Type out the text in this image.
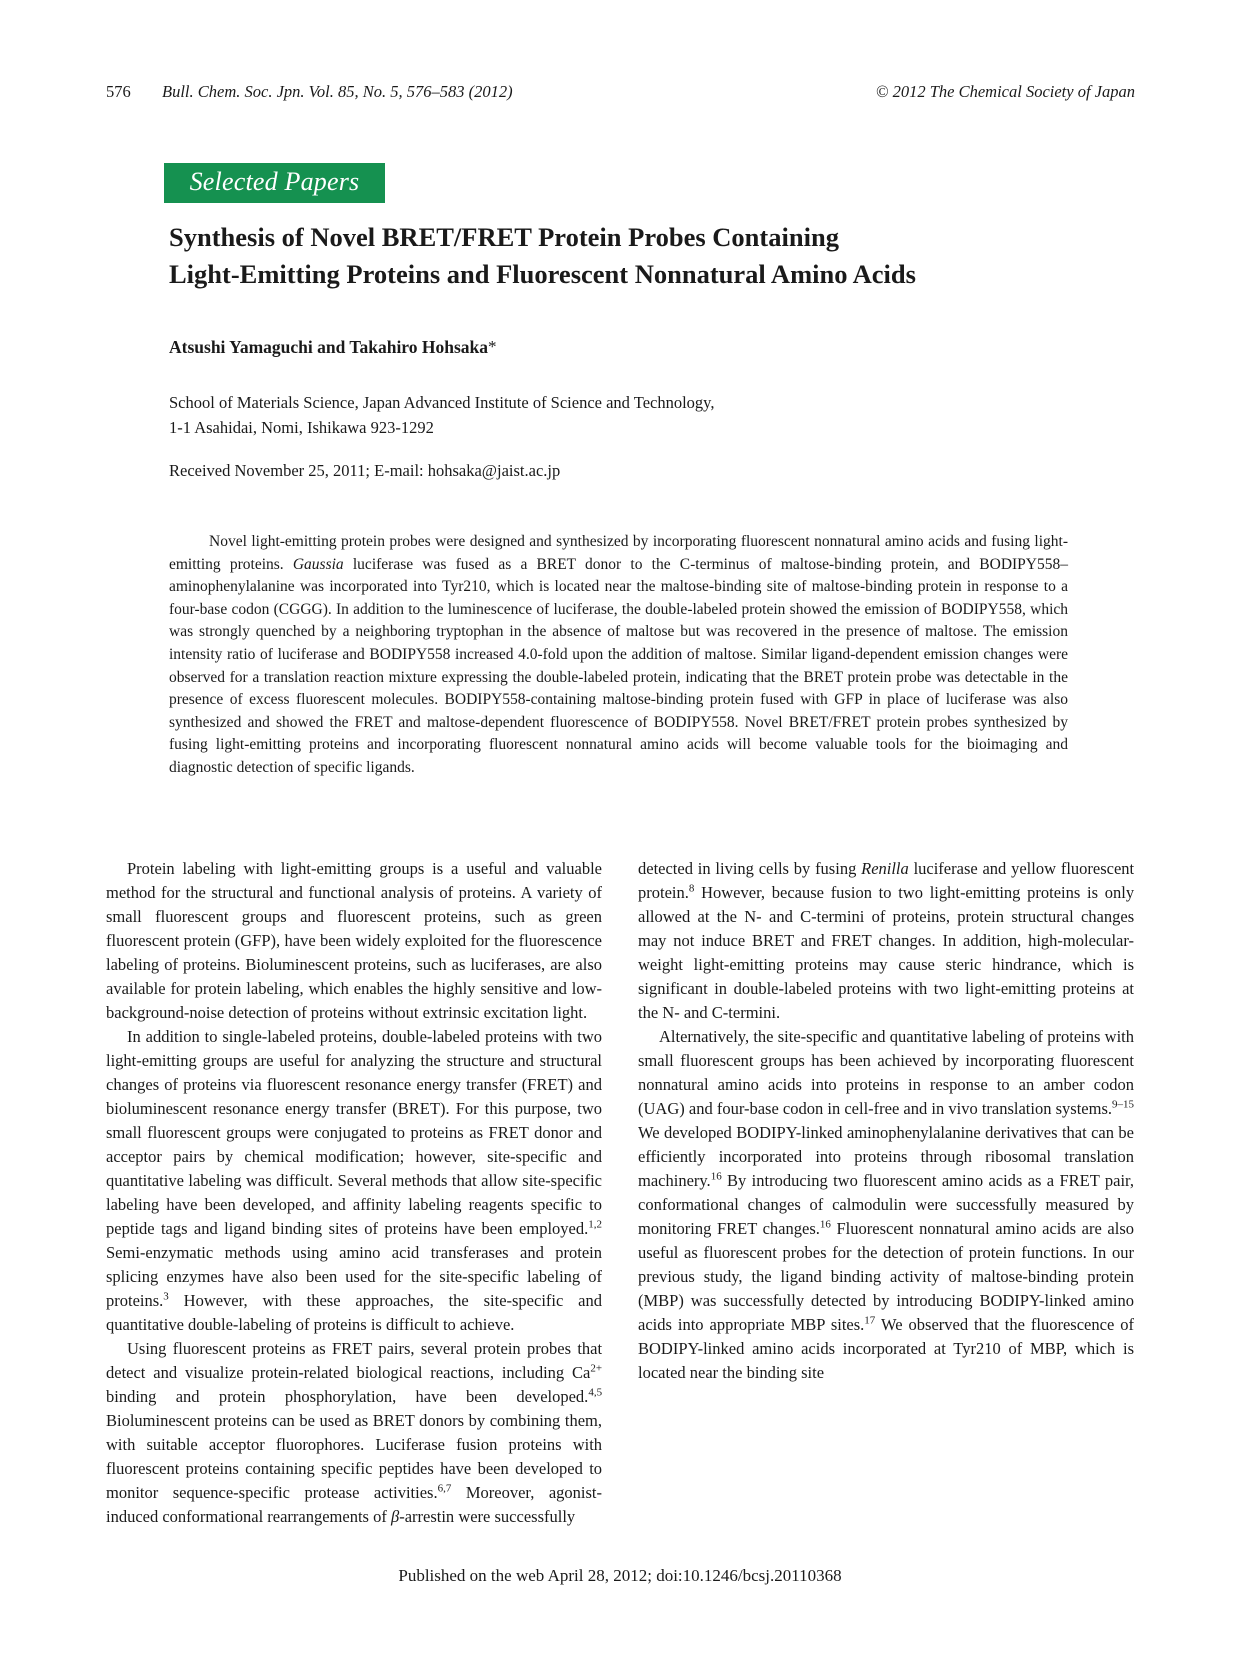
576 Bull. Chem. Soc. Jpn. Vol. 85, No. 5, 576–583 (2012)	© 2012 The Chemical Society of Japan
Selected Papers
Synthesis of Novel BRET/FRET Protein Probes Containing
Light-Emitting Proteins and Fluorescent Nonnatural Amino Acids

Atsushi Yamaguchi and Takahiro Hohsaka*

School of Materials Science, Japan Advanced Institute of Science and Technology,
1-1 Asahidai, Nomi, Ishikawa 923-1292

Received November 25, 2011; E-mail: hohsaka@jaist.ac.jp

Novel light-emitting protein probes were designed and synthesized by incorporating fluorescent nonnatural amino acids and fusing light-emitting proteins. Gaussia luciferase was fused as a BRET donor to the C-terminus of maltose-binding protein, and BODIPY558–aminophenylalanine was incorporated into Tyr210, which is located near the maltose-binding site of maltose-binding protein in response to a four-base codon (CGGG). In addition to the luminescence of luciferase, the double-labeled protein showed the emission of BODIPY558, which was strongly quenched by a neighboring tryptophan in the absence of maltose but was recovered in the presence of maltose. The emission intensity ratio of luciferase and BODIPY558 increased 4.0-fold upon the addition of maltose. Similar ligand-dependent emission changes were observed for a translation reaction mixture expressing the double-labeled protein, indicating that the BRET protein probe was detectable in the presence of excess fluorescent molecules. BODIPY558-containing maltose-binding protein fused with GFP in place of luciferase was also synthesized and showed the FRET and maltose-dependent fluorescence of BODIPY558. Novel BRET/FRET protein probes synthesized by fusing light-emitting proteins and incorporating fluorescent nonnatural amino acids will become valuable tools for the bioimaging and diagnostic detection of specific ligands.

Protein labeling with light-emitting groups is a useful and valuable method for the structural and functional analysis of proteins. A variety of small fluorescent groups and fluorescent proteins, such as green fluorescent protein (GFP), have been widely exploited for the fluorescence labeling of proteins. Bioluminescent proteins, such as luciferases, are also available for protein labeling, which enables the highly sensitive and low-background-noise detection of proteins without extrinsic excitation light.

In addition to single-labeled proteins, double-labeled proteins with two light-emitting groups are useful for analyzing the structure and structural changes of proteins via fluorescent resonance energy transfer (FRET) and bioluminescent resonance energy transfer (BRET). For this purpose, two small fluorescent groups were conjugated to proteins as FRET donor and acceptor pairs by chemical modification; however, site-specific and quantitative labeling was difficult. Several methods that allow site-specific labeling have been developed, and affinity labeling reagents specific to peptide tags and ligand binding sites of proteins have been employed.$^{1,2}$ Semi-enzymatic methods using amino acid transferases and protein splicing enzymes have also been used for the site-specific labeling of proteins.$^3$ However, with these approaches, the site-specific and quantitative double-labeling of proteins is difficult to achieve.

Using fluorescent proteins as FRET pairs, several protein probes that detect and visualize protein-related biological reactions, including $Ca^{2+}$ binding and protein phosphorylation, have been developed.$^{4,5}$ Bioluminescent proteins can be used as BRET donors by combining them, with suitable acceptor fluorophores. Luciferase fusion proteins with fluorescent proteins containing specific peptides have been developed to monitor sequence-specific protease activities.$^{6,7}$ Moreover, agonist-induced conformational rearrangements of β-arrestin were successfully

detected in living cells by fusing Renilla luciferase and yellow fluorescent protein.$^8$ However, because fusion to two light-emitting proteins is only allowed at the N- and C-termini of proteins, protein structural changes may not induce BRET and FRET changes. In addition, high-molecular-weight light-emitting proteins may cause steric hindrance, which is significant in double-labeled proteins with two light-emitting proteins at the N- and C-termini.

Alternatively, the site-specific and quantitative labeling of proteins with small fluorescent groups has been achieved by incorporating fluorescent nonnatural amino acids into proteins in response to an amber codon (UAG) and four-base codon in cell-free and in vivo translation systems.$^{9-15}$ We developed BODIPY-linked aminophenylalanine derivatives that can be efficiently incorporated into proteins through ribosomal translation machinery.$^{16}$ By introducing two fluorescent amino acids as a FRET pair, conformational changes of calmodulin were successfully measured by monitoring FRET changes.$^{16}$ Fluorescent nonnatural amino acids are also useful as fluorescent probes for the detection of protein functions. In our previous study, the ligand binding activity of maltose-binding protein (MBP) was successfully detected by introducing BODIPY-linked amino acids into appropriate MBP sites.$^{17}$ We observed that the fluorescence of BODIPY-linked amino acids incorporated at Tyr210 of MBP, which is located near the binding site

Published on the web April 28, 2012; doi:10.1246/bcsj.20110368
